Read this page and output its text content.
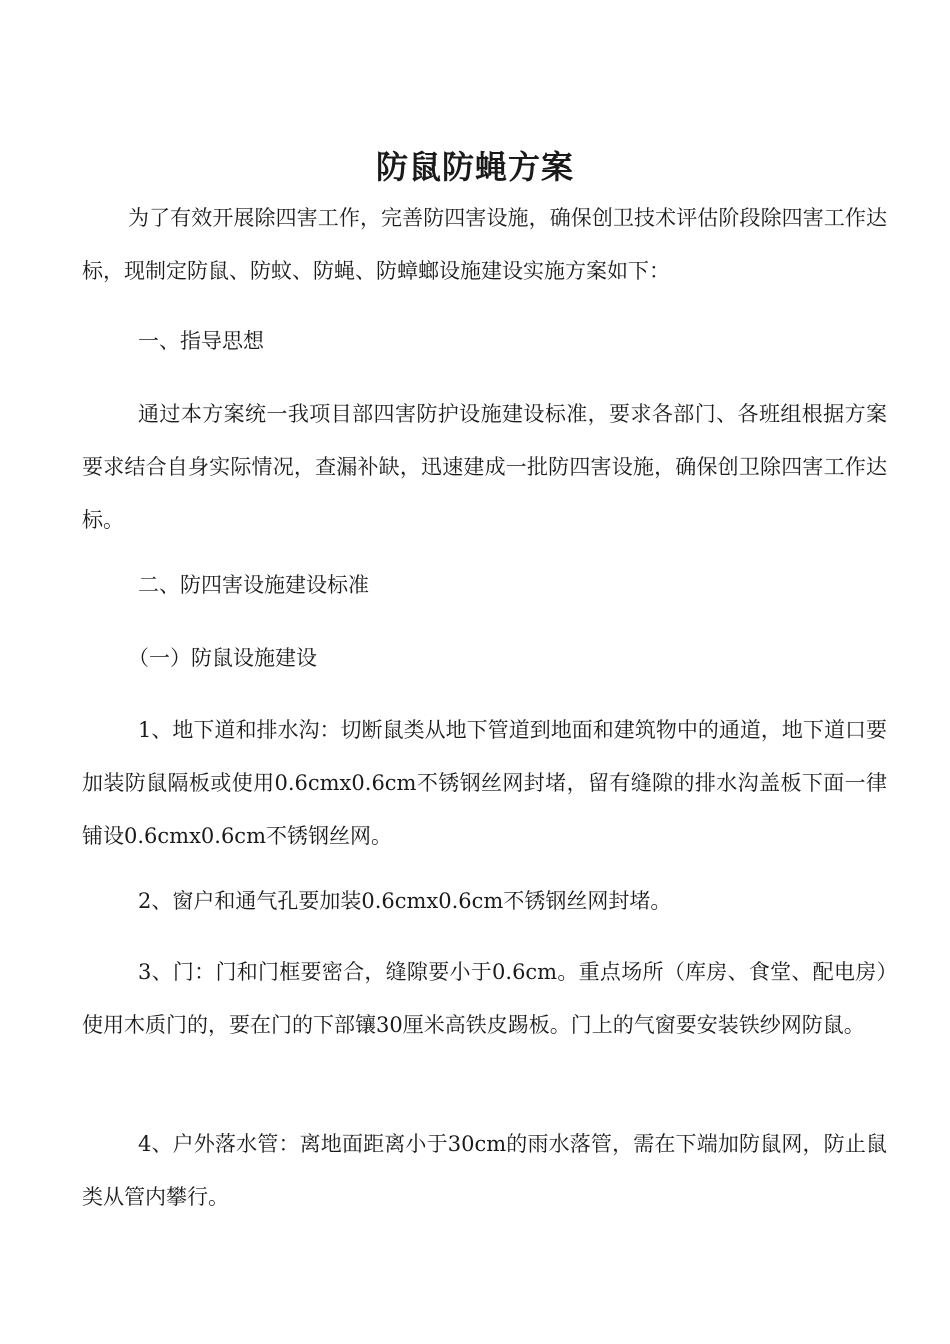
防鼠防蝇方案

为了有效开展除四害工作，完善防四害设施，确保创卫技术评估阶段除四害工作达标，现制定防鼠、防蚊、防蝇、防蟑螂设施建设实施方案如下：

一、指导思想

通过本方案统一我项目部四害防护设施建设标准，要求各部门、各班组根据方案要求结合自身实际情况，查漏补缺，迅速建成一批防四害设施，确保创卫除四害工作达标。

二、防四害设施建设标准

（一）防鼠设施建设

1、地下道和排水沟：切断鼠类从地下管道到地面和建筑物中的通道，地下道口要加装防鼠隔板或使用0.6cmx0.6cm不锈钢丝网封堵，留有缝隙的排水沟盖板下面一律铺设0.6cmx0.6cm不锈钢丝网。

2、窗户和通气孔要加装0.6cmx0.6cm不锈钢丝网封堵。

3、门：门和门框要密合，缝隙要小于0.6cm。重点场所（库房、食堂、配电房）使用木质门的，要在门的下部镶30厘米高铁皮踢板。门上的气窗要安装铁纱网防鼠。

4、户外落水管：离地面距离小于30cm的雨水落管，需在下端加防鼠网，防止鼠类从管内攀行。
